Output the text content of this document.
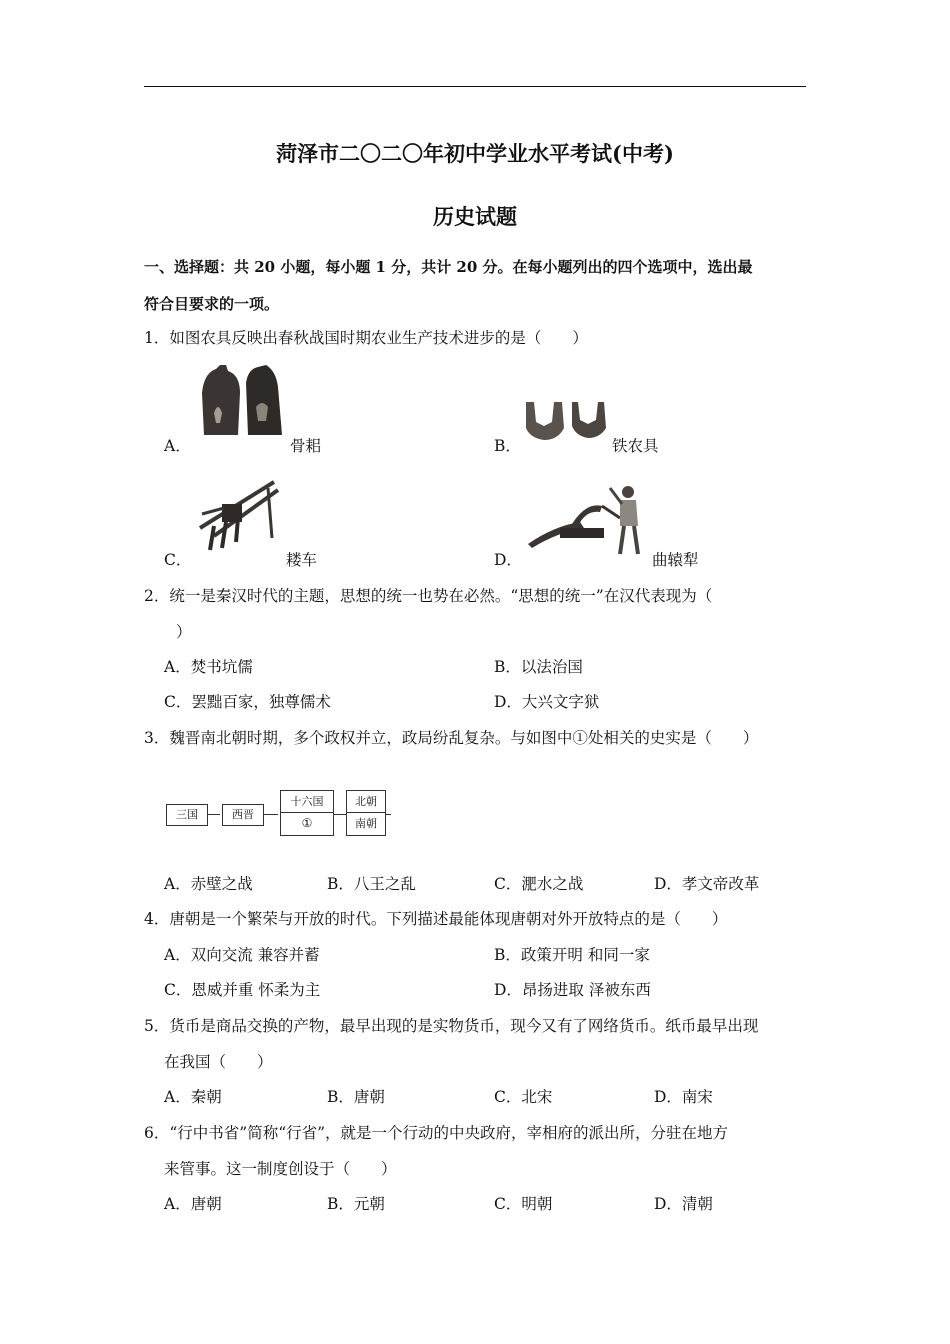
菏泽市二〇二〇年初中学业水平考试(中考)
历史试题
一、选择题：共 20 小题，每小题 1 分，共计 20 分。在每小题列出的四个选项中，选出最
符合目要求的一项。
1．如图农具反映出春秋战国时期农业生产技术进步的是（　　）
A．	骨耜	B．	铁农具
C．	耧车	D．	曲辕犁
2．统一是秦汉时代的主题，思想的统一也势在必然。“思想的统一”在汉代表现为（
）
A．焚书坑儒	B．以法治国
C．罢黜百家，独尊儒术	D．大兴文字狱
3．魏晋南北朝时期，多个政权并立，政局纷乱复杂。与如图中①处相关的史实是（　　）
三国	西晋
十六国
①
北朝
南朝
A．赤壁之战	B．八王之乱	C．淝水之战	D．孝文帝改革
4．唐朝是一个繁荣与开放的时代。下列描述最能体现唐朝对外开放特点的是（　　）
A．双向交流 兼容并蓄	B．政策开明 和同一家
C．恩威并重 怀柔为主	D．昂扬进取 泽被东西
5．货币是商品交换的产物，最早出现的是实物货币，现今又有了网络货币。纸币最早出现
在我国（　　）
A．秦朝	B．唐朝	C．北宋	D．南宋
6．“行中书省”简称“行省”，就是一个行动的中央政府，宰相府的派出所，分驻在地方
来管事。这一制度创设于（　　）
A．唐朝	B．元朝	C．明朝	D．清朝
